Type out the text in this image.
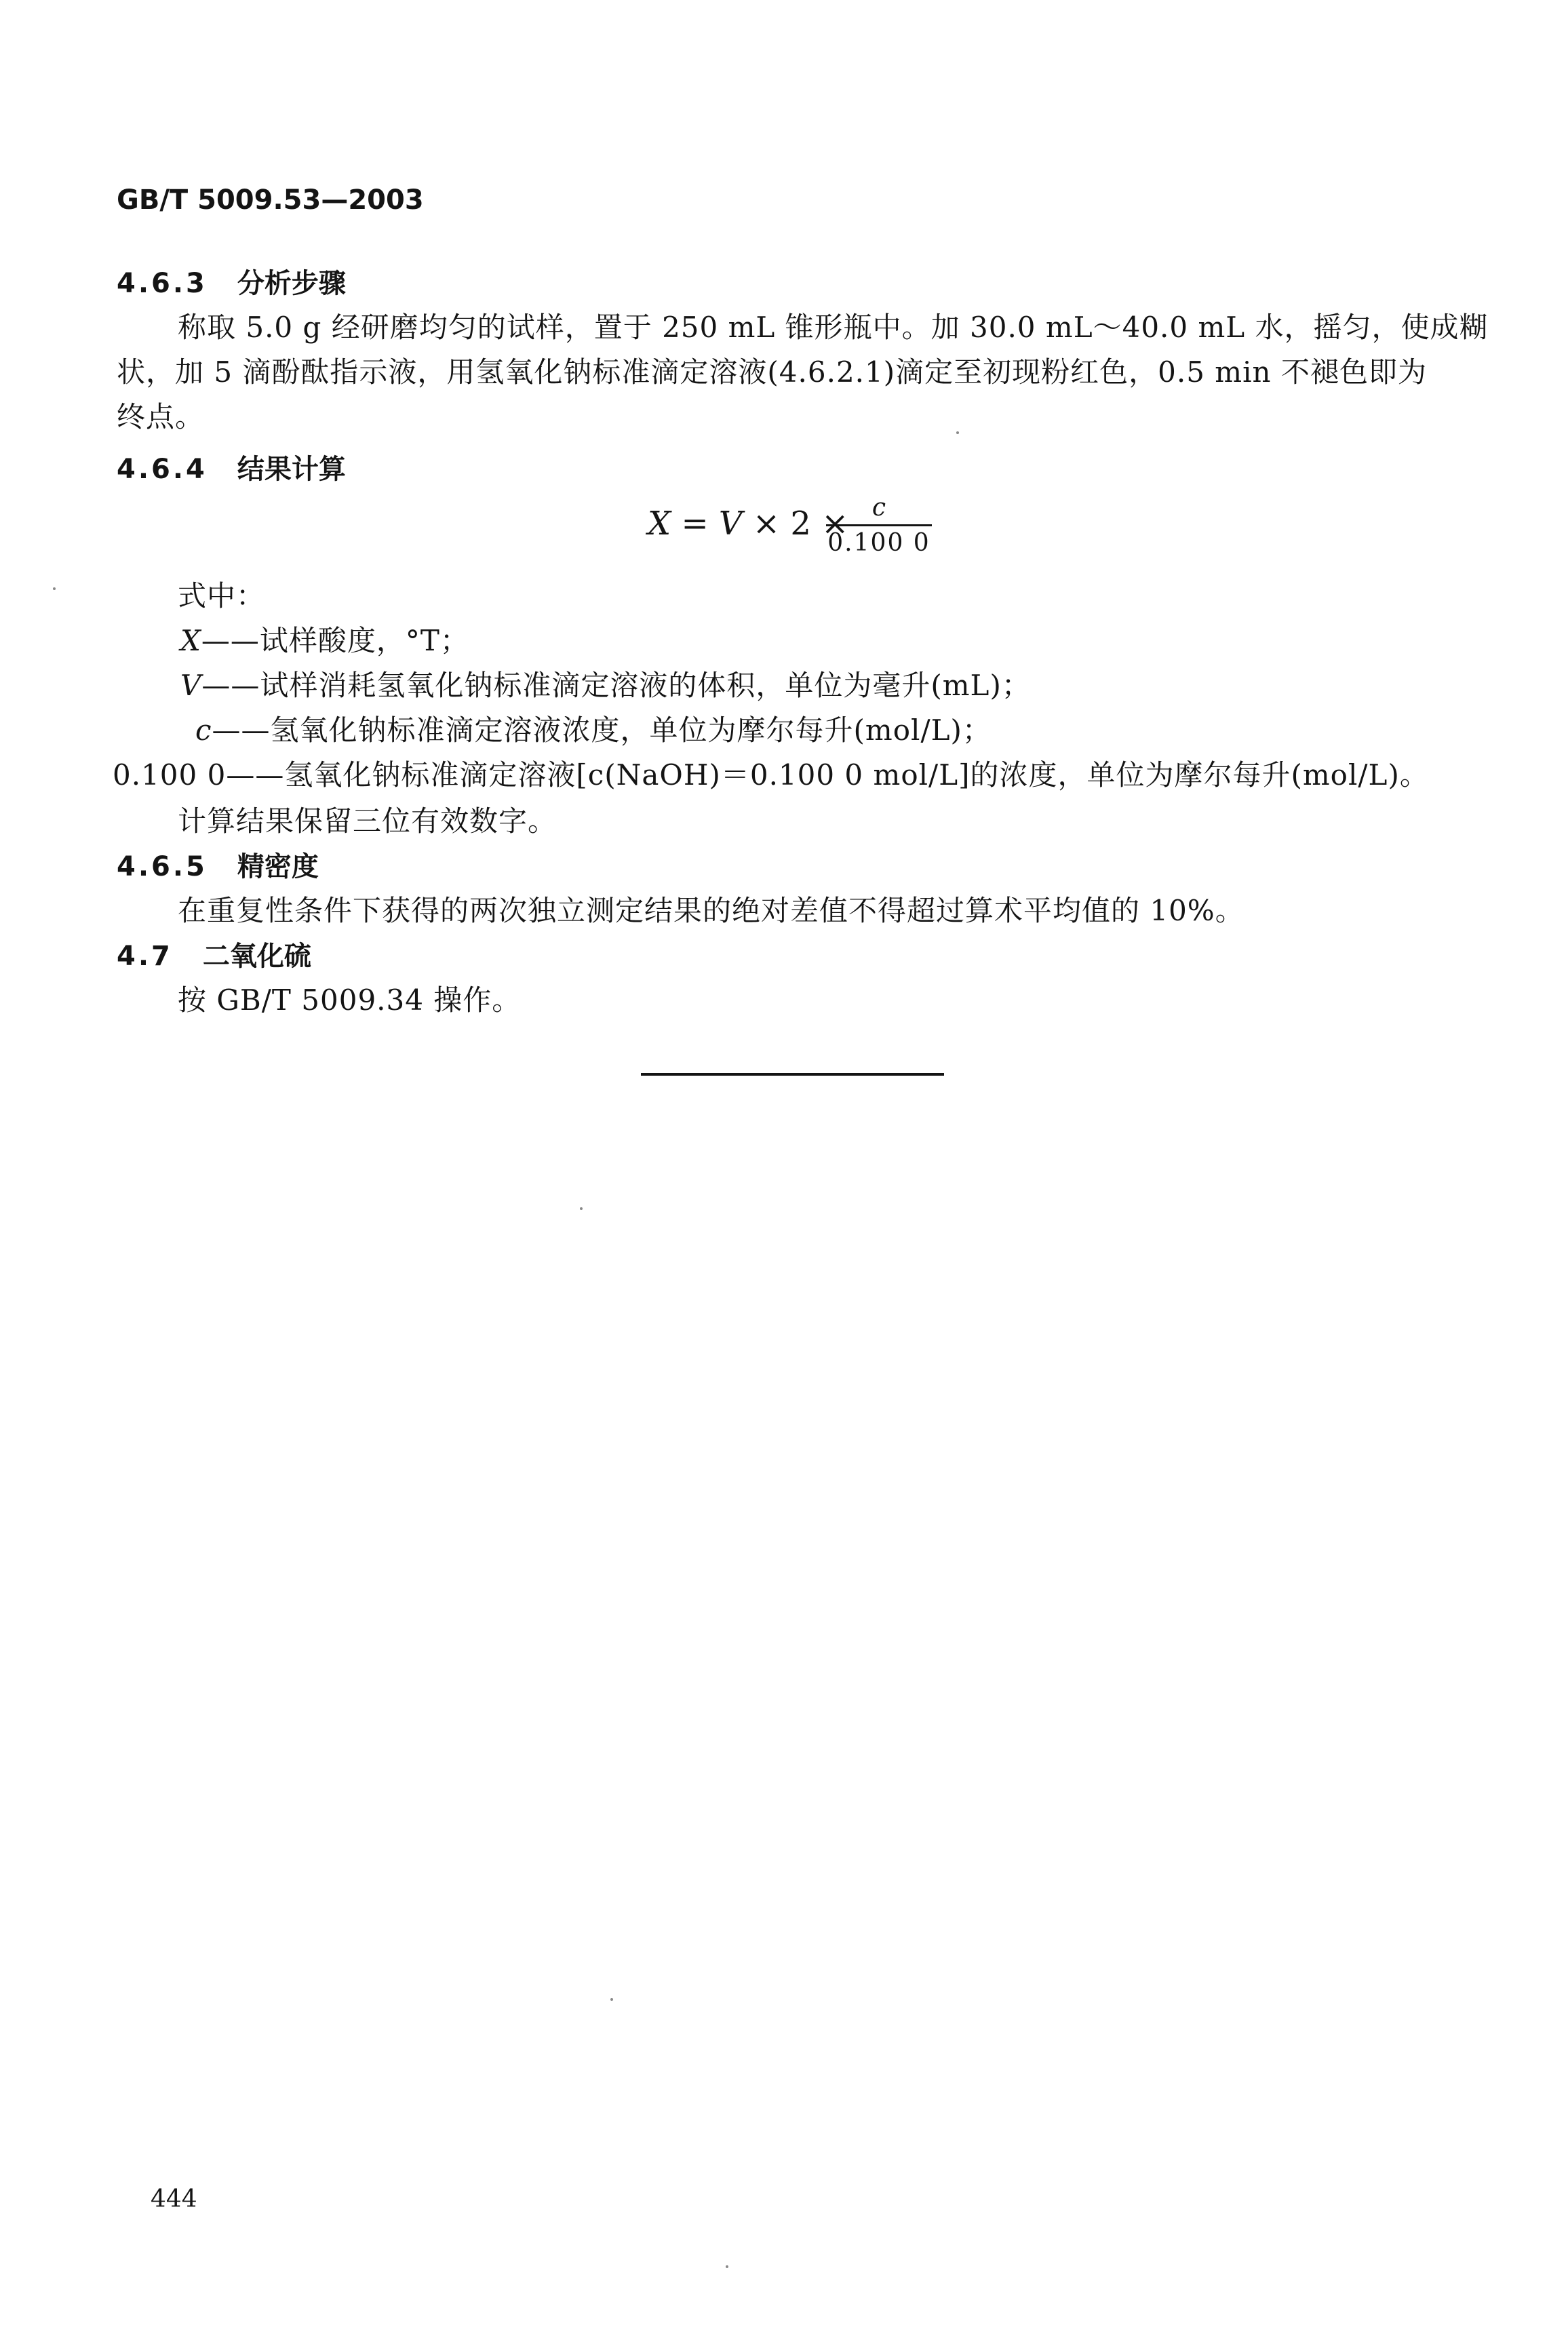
GB/T 5009.53—2003
4.6.3 分析步骤
称取 5.0 g 经研磨均匀的试样，置于 250 mL 锥形瓶中。加 30.0 mL～40.0 mL 水，摇匀，使成糊
状，加 5 滴酚酞指示液，用氢氧化钠标准滴定溶液(4.6.2.1)滴定至初现粉红色，0.5 min 不褪色即为
终点。
4.6.4 结果计算
X = V × 2 × c
0.100 0
式中：
X——试样酸度，°T；
V——试样消耗氢氧化钠标准滴定溶液的体积，单位为毫升(mL)；
c——氢氧化钠标准滴定溶液浓度，单位为摩尔每升(mol/L)；
0.100 0——氢氧化钠标准滴定溶液[c(NaOH)＝0.100 0 mol/L]的浓度，单位为摩尔每升(mol/L)。
计算结果保留三位有效数字。
4.6.5 精密度
在重复性条件下获得的两次独立测定结果的绝对差值不得超过算术平均值的 10%。
4.7 二氧化硫
按 GB/T 5009.34 操作。
444
